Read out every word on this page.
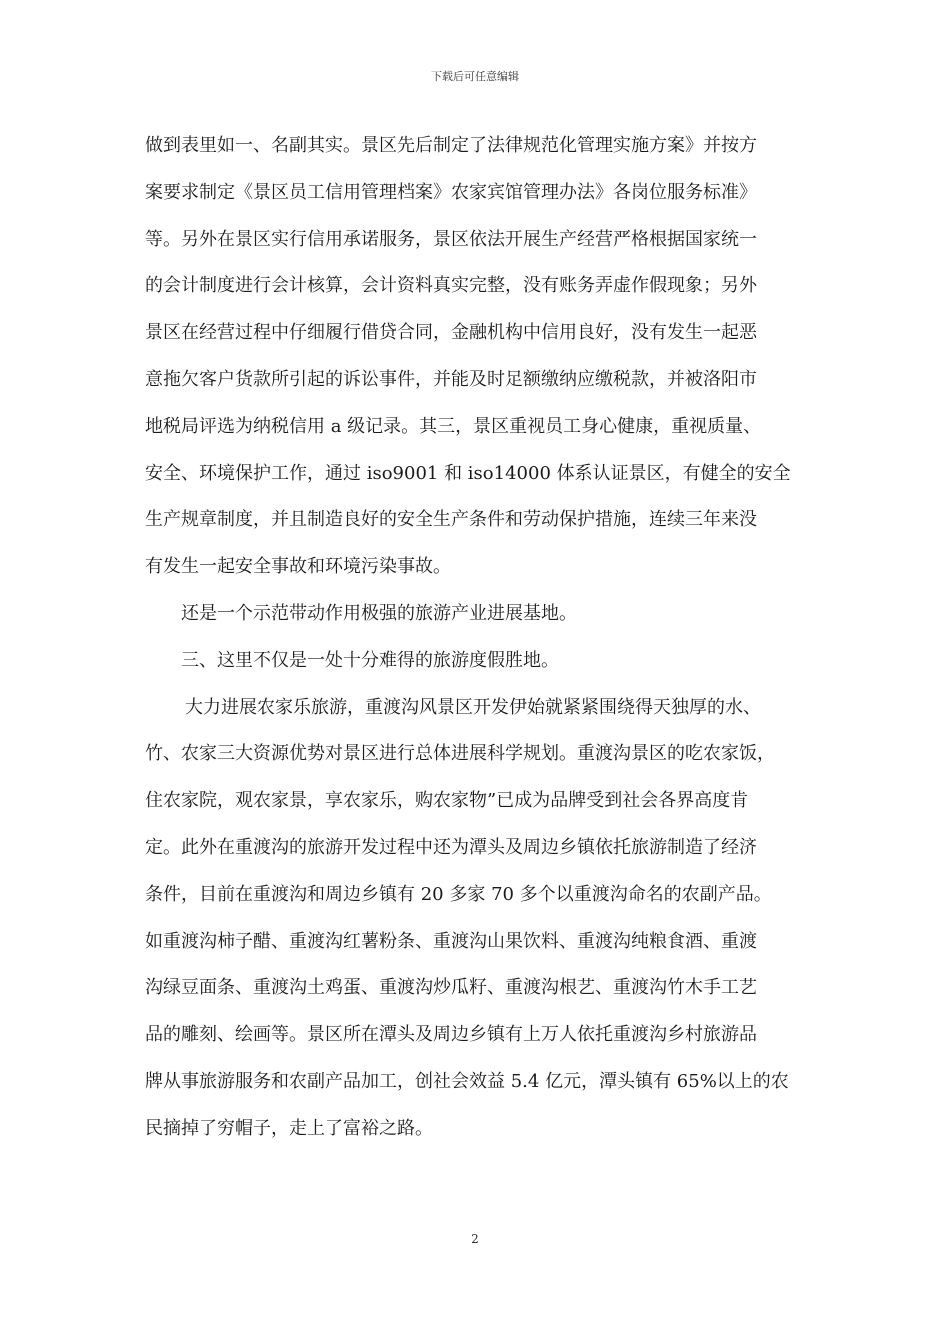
下载后可任意编辑
做到表里如一、名副其实。景区先后制定了法律规范化管理实施方案》并按方
案要求制定《景区员工信用管理档案》农家宾馆管理办法》各岗位服务标准》
等。另外在景区实行信用承诺服务，景区依法开展生产经营严格根据国家统一
的会计制度进行会计核算，会计资料真实完整，没有账务弄虚作假现象；另外
景区在经营过程中仔细履行借贷合同，金融机构中信用良好，没有发生一起恶
意拖欠客户货款所引起的诉讼事件，并能及时足额缴纳应缴税款，并被洛阳市
地税局评选为纳税信用 a 级记录。其三，景区重视员工身心健康，重视质量、
安全、环境保护工作，通过 iso9001 和 iso14000 体系认证景区，有健全的安全
生产规章制度，并且制造良好的安全生产条件和劳动保护措施，连续三年来没
有发生一起安全事故和环境污染事故。
还是一个示范带动作用极强的旅游产业进展基地。
三、这里不仅是一处十分难得的旅游度假胜地。
大力进展农家乐旅游，重渡沟风景区开发伊始就紧紧围绕得天独厚的水、
竹、农家三大资源优势对景区进行总体进展科学规划。重渡沟景区的吃农家饭，
住农家院，观农家景，享农家乐，购农家物”已成为品牌受到社会各界高度肯
定。此外在重渡沟的旅游开发过程中还为潭头及周边乡镇依托旅游制造了经济
条件，目前在重渡沟和周边乡镇有 20 多家 70 多个以重渡沟命名的农副产品。
如重渡沟柿子醋、重渡沟红薯粉条、重渡沟山果饮料、重渡沟纯粮食酒、重渡
沟绿豆面条、重渡沟土鸡蛋、重渡沟炒瓜籽、重渡沟根艺、重渡沟竹木手工艺
品的雕刻、绘画等。景区所在潭头及周边乡镇有上万人依托重渡沟乡村旅游品
牌从事旅游服务和农副产品加工，创社会效益 5.4 亿元，潭头镇有 65%以上的农
民摘掉了穷帽子，走上了富裕之路。
2
